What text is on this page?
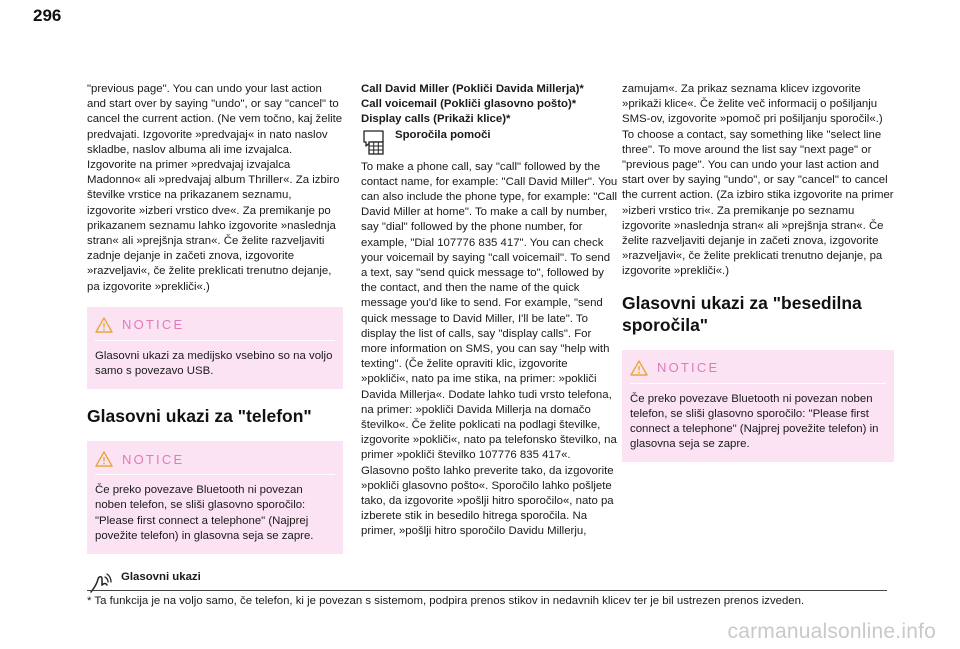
296

"previous page". You can undo your last action and start over by saying "undo", or say "cancel" to cancel the current action. (Ne vem točno, kaj želite predvajati. Izgovorite »predvajaj« in nato naslov skladbe, naslov albuma ali ime izvajalca. Izgovorite na primer »predvajaj izvajalca Madonno« ali »predvajaj album Thriller«. Za izbiro številke vrstice na prikazanem seznamu, izgovorite »izberi vrstico dve«. Za premikanje po prikazanem seznamu lahko izgovorite »naslednja stran« ali »prejšnja stran«. Če želite razveljaviti zadnje dejanje in začeti znova, izgovorite »razveljavi«, če želite preklicati trenutno dejanje, pa izgovorite »prekliči«.)

NOTICE
Glasovni ukazi za medijsko vsebino so na voljo samo s povezavo USB.
Glasovni ukazi za "telefon"
NOTICE
Če preko povezave Bluetooth ni povezan noben telefon, se sliši glasovno sporočilo: "Please first connect a telephone" (Najprej povežite telefon) in glasovna seja se zapre.
Glasovni ukazi
Call David Miller (Pokliči Davida Millerja)*
Call voicemail (Pokliči glasovno pošto)*
Display calls (Prikaži klice)*
Sporočila pomoči

To make a phone call, say "call" followed by the contact name, for example: "Call David Miller". You can also include the phone type, for example: "Call David Miller at home". To make a call by number, say "dial" followed by the phone number, for example, "Dial 107776 835 417". You can check your voicemail by saying "call voicemail". To send a text, say "send quick message to", followed by the contact, and then the name of the quick message you'd like to send. For example, "send quick message to David Miller, I'll be late". To display the list of calls, say "display calls". For more information on SMS, you can say "help with texting". (Če želite opraviti klic, izgovorite »pokliči«, nato pa ime stika, na primer: »pokliči Davida Millerja«. Dodate lahko tudi vrsto telefona, na primer: »pokliči Davida Millerja na domačo številko«. Če želite poklicati na podlagi številke, izgovorite »pokliči«, nato pa telefonsko številko, na primer »pokliči številko 107776 835 417«. Glasovno pošto lahko preverite tako, da izgovorite »pokliči glasovno pošto«. Sporočilo lahko pošljete tako, da izgovorite »pošlji hitro sporočilo«, nato pa izberete stik in besedilo hitrega sporočila. Na primer, »pošlji hitro sporočilo Davidu Millerju,

zamujam«. Za prikaz seznama klicev izgovorite »prikaži klice«. Če želite več informacij o pošiljanju SMS-ov, izgovorite »pomoč pri pošiljanju sporočil«.)

To choose a contact, say something like "select line three". To move around the list say "next page" or "previous page". You can undo your last action and start over by saying "undo", or say "cancel" to cancel the current action. (Za izbiro stika izgovorite na primer »izberi vrstico tri«. Za premikanje po seznamu izgovorite »naslednja stran« ali »prejšnja stran«. Če želite razveljaviti dejanje in začeti znova, izgovorite »razveljavi«, če želite preklicati trenutno dejanje, pa izgovorite »prekliči«.)

Glasovni ukazi za "besedilna sporočila"
NOTICE
Če preko povezave Bluetooth ni povezan noben telefon, se sliši glasovno sporočilo: "Please first connect a telephone" (Najprej povežite telefon) in glasovna seja se zapre.
* Ta funkcija je na voljo samo, če telefon, ki je povezan s sistemom, podpira prenos stikov in nedavnih klicev ter je bil ustrezen prenos izveden.
carmanualsonline.info
